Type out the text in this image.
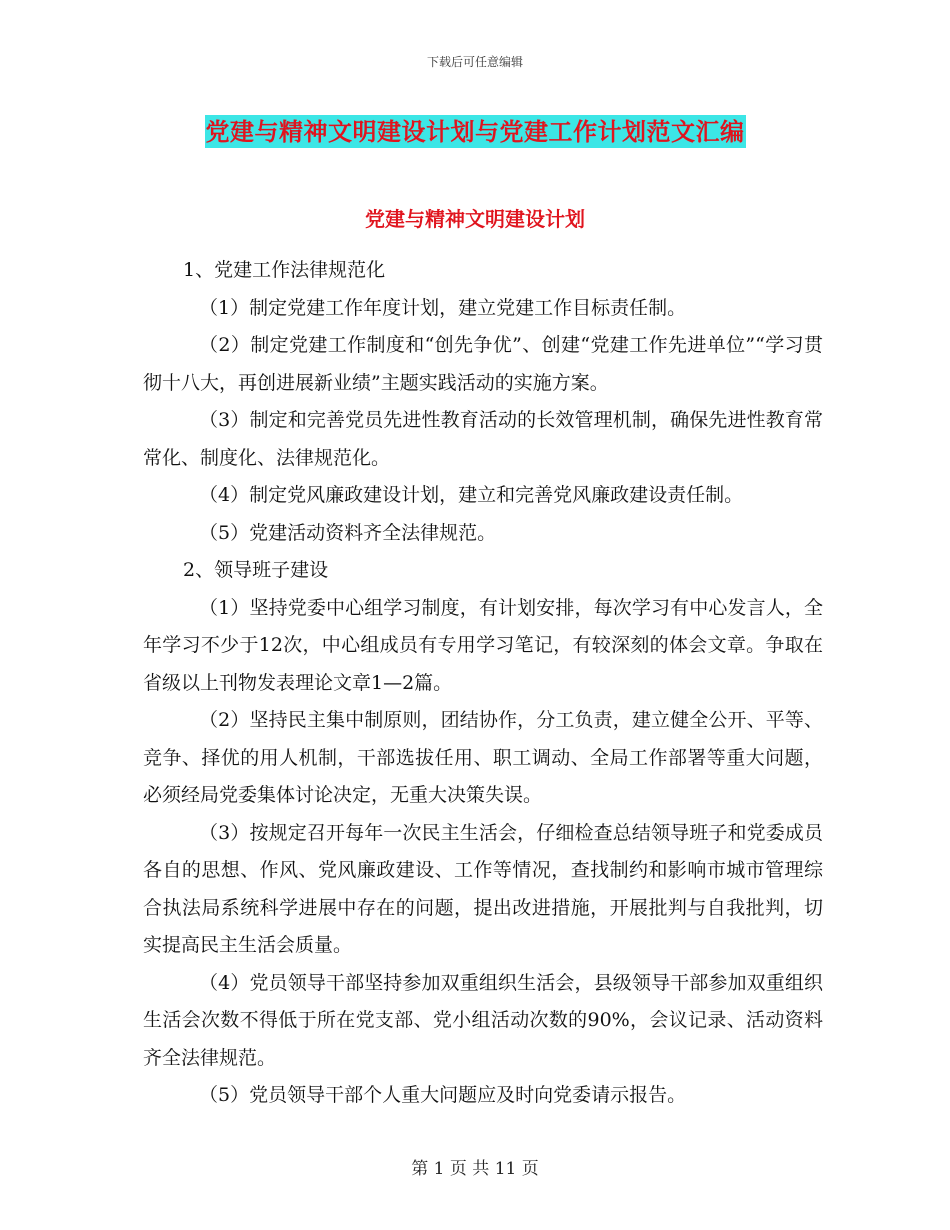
下载后可任意编辑
党建与精神文明建设计划与党建工作计划范文汇编
党建与精神文明建设计划

1、党建工作法律规范化

（1）制定党建工作年度计划，建立党建工作目标责任制。

（2）制定党建工作制度和“创先争优”、创建“党建工作先进单位”“学习贯彻十八大，再创进展新业绩”主题实践活动的实施方案。

（3）制定和完善党员先进性教育活动的长效管理机制，确保先进性教育常常化、制度化、法律规范化。

（4）制定党风廉政建设计划，建立和完善党风廉政建设责任制。

（5）党建活动资料齐全法律规范。

2、领导班子建设

（1）坚持党委中心组学习制度，有计划安排，每次学习有中心发言人，全年学习不少于12次，中心组成员有专用学习笔记，有较深刻的体会文章。争取在省级以上刊物发表理论文章1—2篇。

（2）坚持民主集中制原则，团结协作，分工负责，建立健全公开、平等、竞争、择优的用人机制，干部选拔任用、职工调动、全局工作部署等重大问题，必须经局党委集体讨论决定，无重大决策失误。

（3）按规定召开每年一次民主生活会，仔细检查总结领导班子和党委成员各自的思想、作风、党风廉政建设、工作等情况，查找制约和影响市城市管理综合执法局系统科学进展中存在的问题，提出改进措施，开展批判与自我批判，切实提高民主生活会质量。

（4）党员领导干部坚持参加双重组织生活会，县级领导干部参加双重组织生活会次数不得低于所在党支部、党小组活动次数的90%，会议记录、活动资料齐全法律规范。

（5）党员领导干部个人重大问题应及时向党委请示报告。

第 1 页 共 11 页
